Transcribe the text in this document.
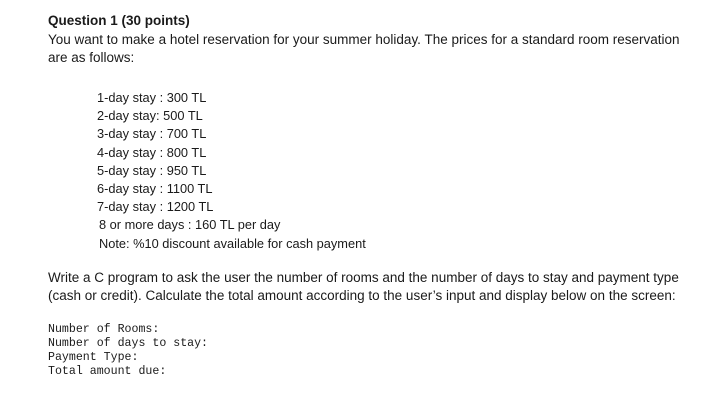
Question 1 (30 points)

You want to make a hotel reservation for your summer holiday. The prices for a standard room reservation are as follows:

1-day stay : 300 TL
2-day stay: 500 TL
3-day stay : 700 TL
4-day stay : 800 TL
5-day stay : 950 TL
6-day stay : 1100 TL
7-day stay : 1200 TL
8 or more days : 160 TL per day
Note: %10 discount available for cash payment

Write a C program to ask the user the number of rooms and the number of days to stay and payment type (cash or credit). Calculate the total amount according to the user’s input and display below on the screen:

Number of Rooms:
Number of days to stay:
Payment Type:
Total amount due:
